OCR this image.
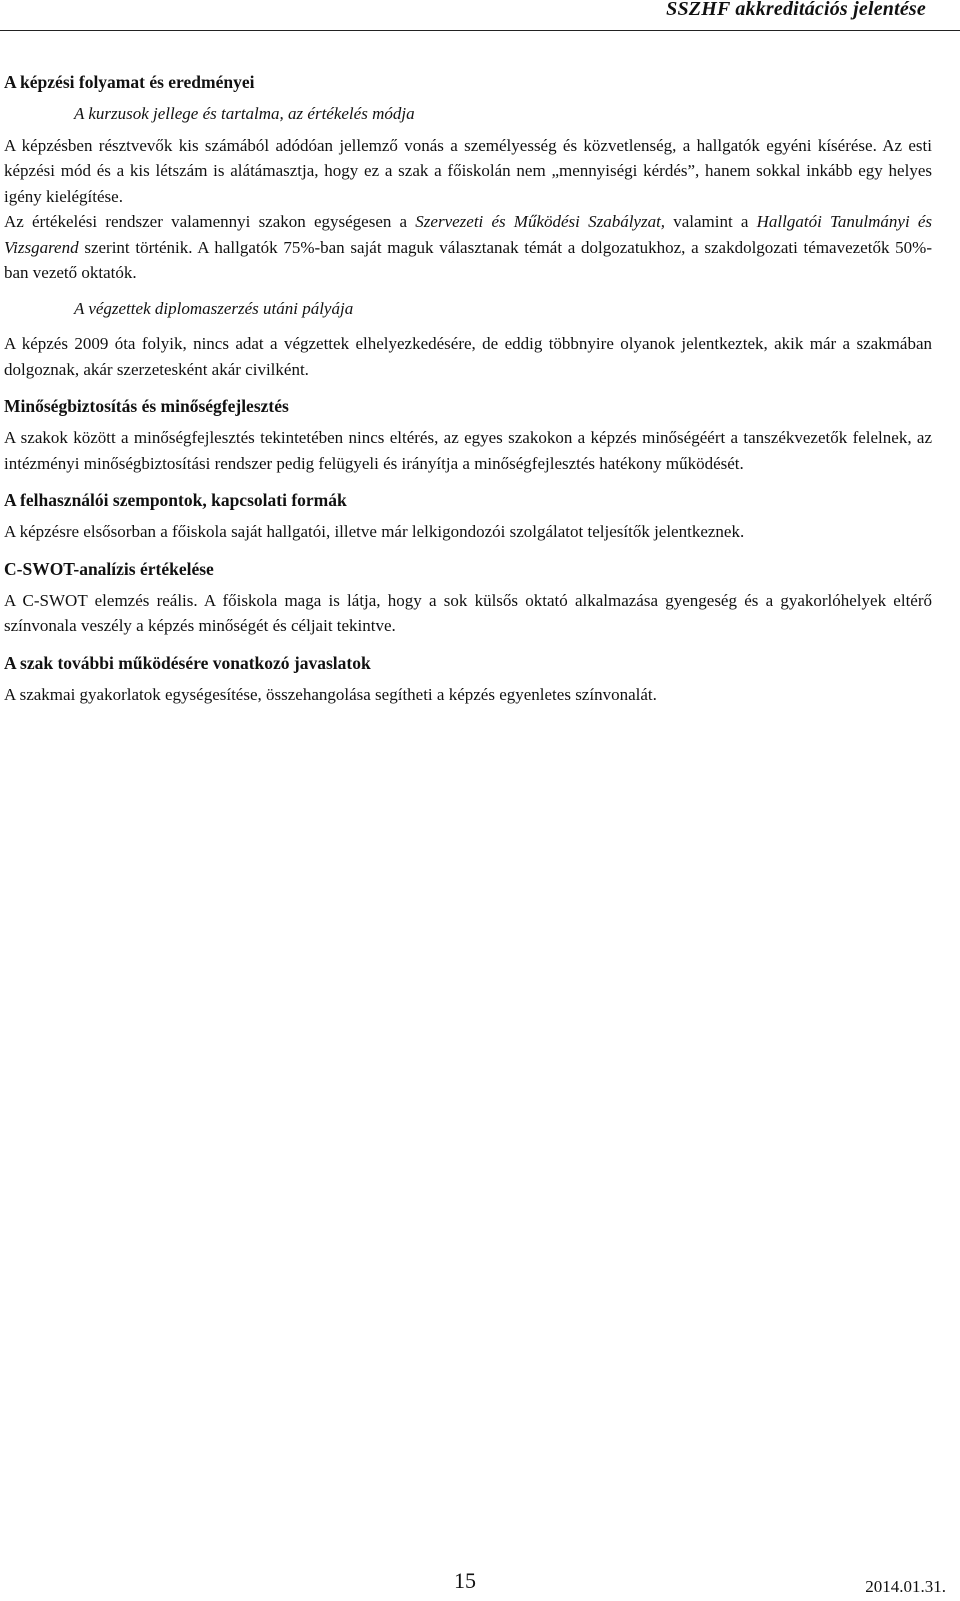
SSZHF akkreditációs jelentése
A képzési folyamat és eredményei

A kurzusok jellege és tartalma, az értékelés módja

A képzésben résztvevők kis számából adódóan jellemző vonás a személyesség és közvetlenség, a hallgatók egyéni kísérése. Az esti képzési mód és a kis létszám is alátámasztja, hogy ez a szak a főiskolán nem „mennyiségi kérdés”, hanem sokkal inkább egy helyes igény kielégítése.

Az értékelési rendszer valamennyi szakon egységesen a Szervezeti és Működési Szabályzat, valamint a Hallgatói Tanulmányi és Vizsgarend szerint történik. A hallgatók 75%-ban saját maguk választanak témát a dolgozatukhoz, a szakdolgozati témavezetők 50%-ban vezető oktatók.

A végzettek diplomaszerzés utáni pályája

A képzés 2009 óta folyik, nincs adat a végzettek elhelyezkedésére, de eddig többnyire olyanok jelentkeztek, akik már a szakmában dolgoznak, akár szerzetesként akár civilként.

Minőségbiztosítás és minőségfejlesztés

A szakok között a minőségfejlesztés tekintetében nincs eltérés, az egyes szakokon a képzés minőségéért a tanszékvezetők felelnek, az intézményi minőségbiztosítási rendszer pedig felügyeli és irányítja a minőségfejlesztés hatékony működését.

A felhasználói szempontok, kapcsolati formák

A képzésre elsősorban a főiskola saját hallgatói, illetve már lelkigondozói szolgálatot teljesítők jelentkeznek.

C-SWOT-analízis értékelése

A C-SWOT elemzés reális. A főiskola maga is látja, hogy a sok külsős oktató alkalmazása gyengeség és a gyakorlóhelyek eltérő színvonala veszély a képzés minőségét és céljait tekintve.

A szak további működésére vonatkozó javaslatok

A szakmai gyakorlatok egységesítése, összehangolása segítheti a képzés egyenletes színvonalát.

15	2014.01.31.
